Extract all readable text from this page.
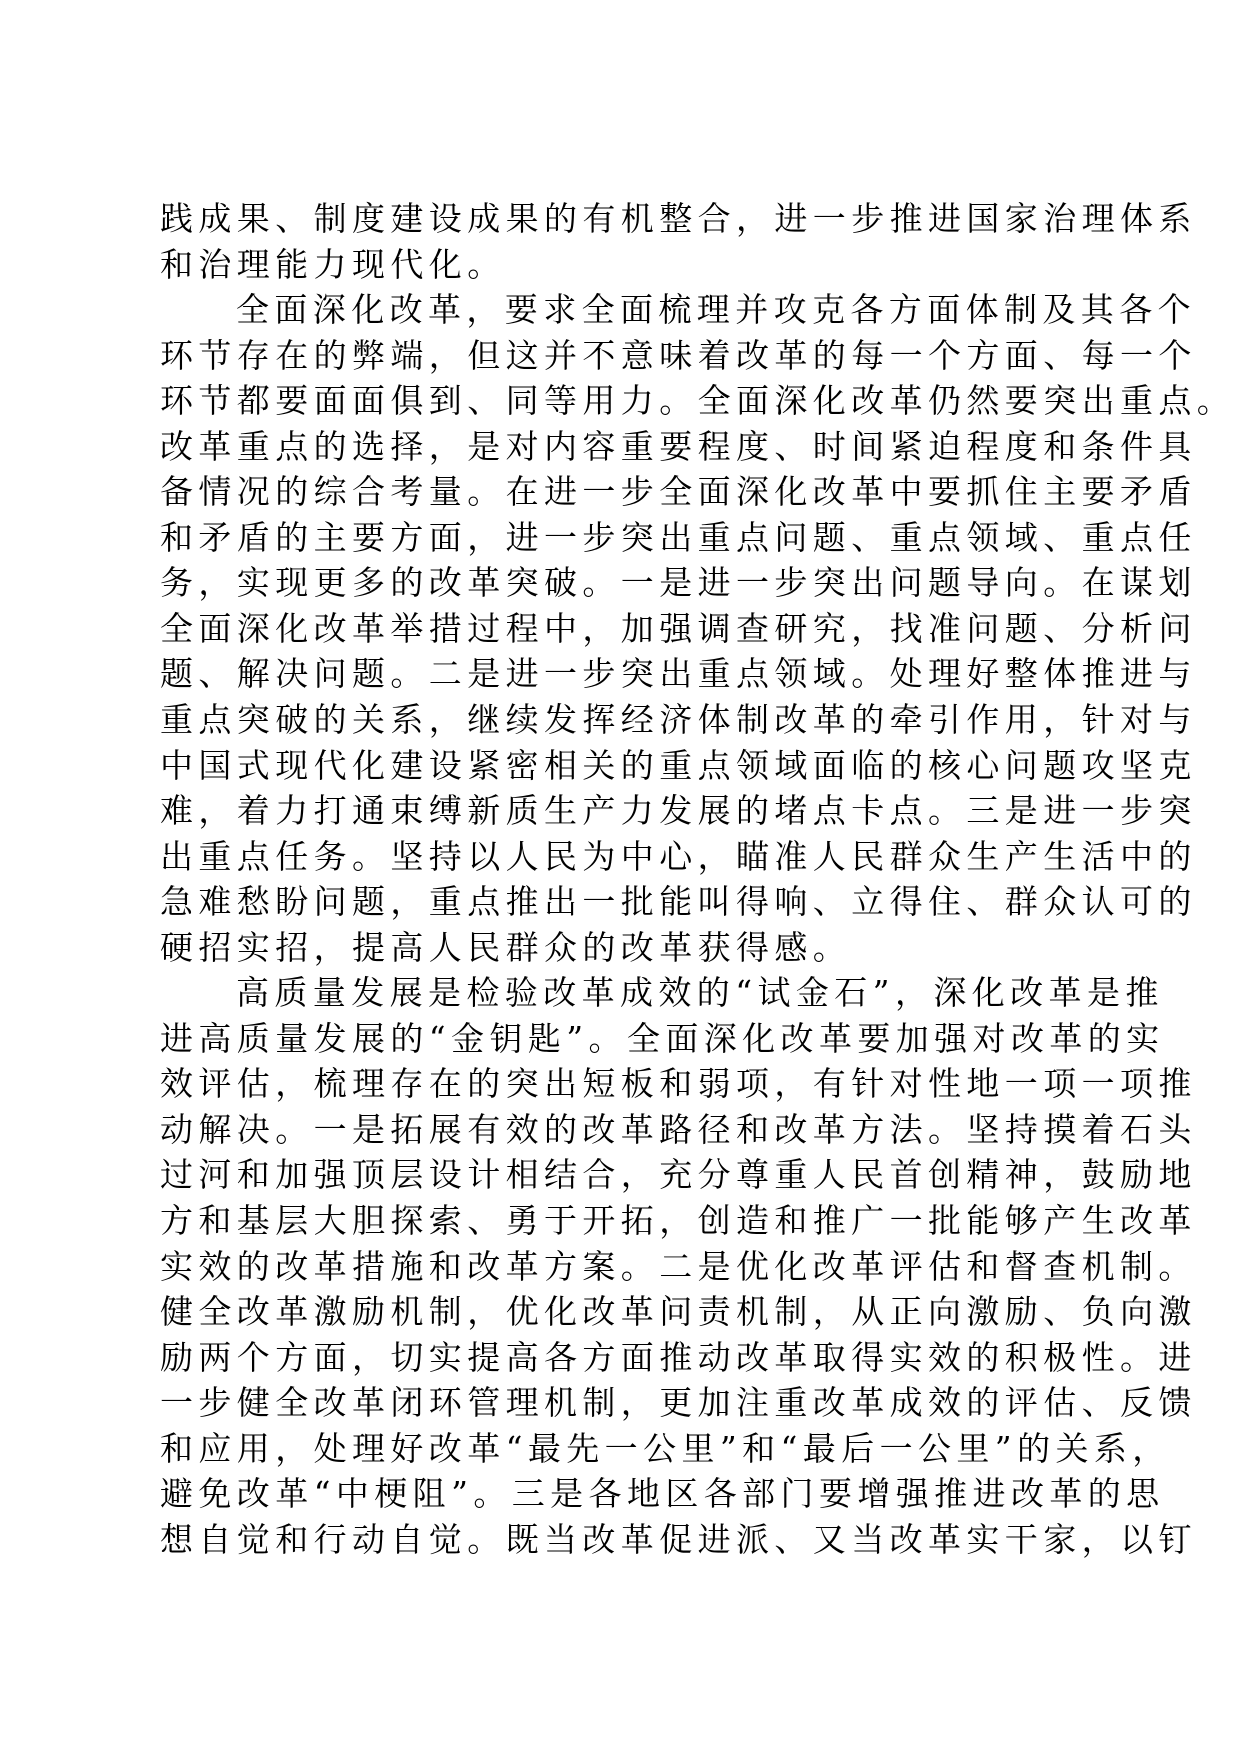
践成果、制度建设成果的有机整合，进一步推进国家治理体系
和治理能力现代化。
全面深化改革，要求全面梳理并攻克各方面体制及其各个
环节存在的弊端，但这并不意味着改革的每一个方面、每一个
环节都要面面俱到、同等用力。全面深化改革仍然要突出重点。
改革重点的选择，是对内容重要程度、时间紧迫程度和条件具
备情况的综合考量。在进一步全面深化改革中要抓住主要矛盾
和矛盾的主要方面，进一步突出重点问题、重点领域、重点任
务，实现更多的改革突破。一是进一步突出问题导向。在谋划
全面深化改革举措过程中，加强调查研究，找准问题、分析问
题、解决问题。二是进一步突出重点领域。处理好整体推进与
重点突破的关系，继续发挥经济体制改革的牵引作用，针对与
中国式现代化建设紧密相关的重点领域面临的核心问题攻坚克
难，着力打通束缚新质生产力发展的堵点卡点。三是进一步突
出重点任务。坚持以人民为中心，瞄准人民群众生产生活中的
急难愁盼问题，重点推出一批能叫得响、立得住、群众认可的
硬招实招，提高人民群众的改革获得感。
高质量发展是检验改革成效的“试金石”，深化改革是推
进高质量发展的“金钥匙”。全面深化改革要加强对改革的实
效评估，梳理存在的突出短板和弱项，有针对性地一项一项推
动解决。一是拓展有效的改革路径和改革方法。坚持摸着石头
过河和加强顶层设计相结合，充分尊重人民首创精神，鼓励地
方和基层大胆探索、勇于开拓，创造和推广一批能够产生改革
实效的改革措施和改革方案。二是优化改革评估和督查机制。
健全改革激励机制，优化改革问责机制，从正向激励、负向激
励两个方面，切实提高各方面推动改革取得实效的积极性。进
一步健全改革闭环管理机制，更加注重改革成效的评估、反馈
和应用，处理好改革“最先一公里”和“最后一公里”的关系，
避免改革“中梗阻”。三是各地区各部门要增强推进改革的思
想自觉和行动自觉。既当改革促进派、又当改革实干家，以钉
